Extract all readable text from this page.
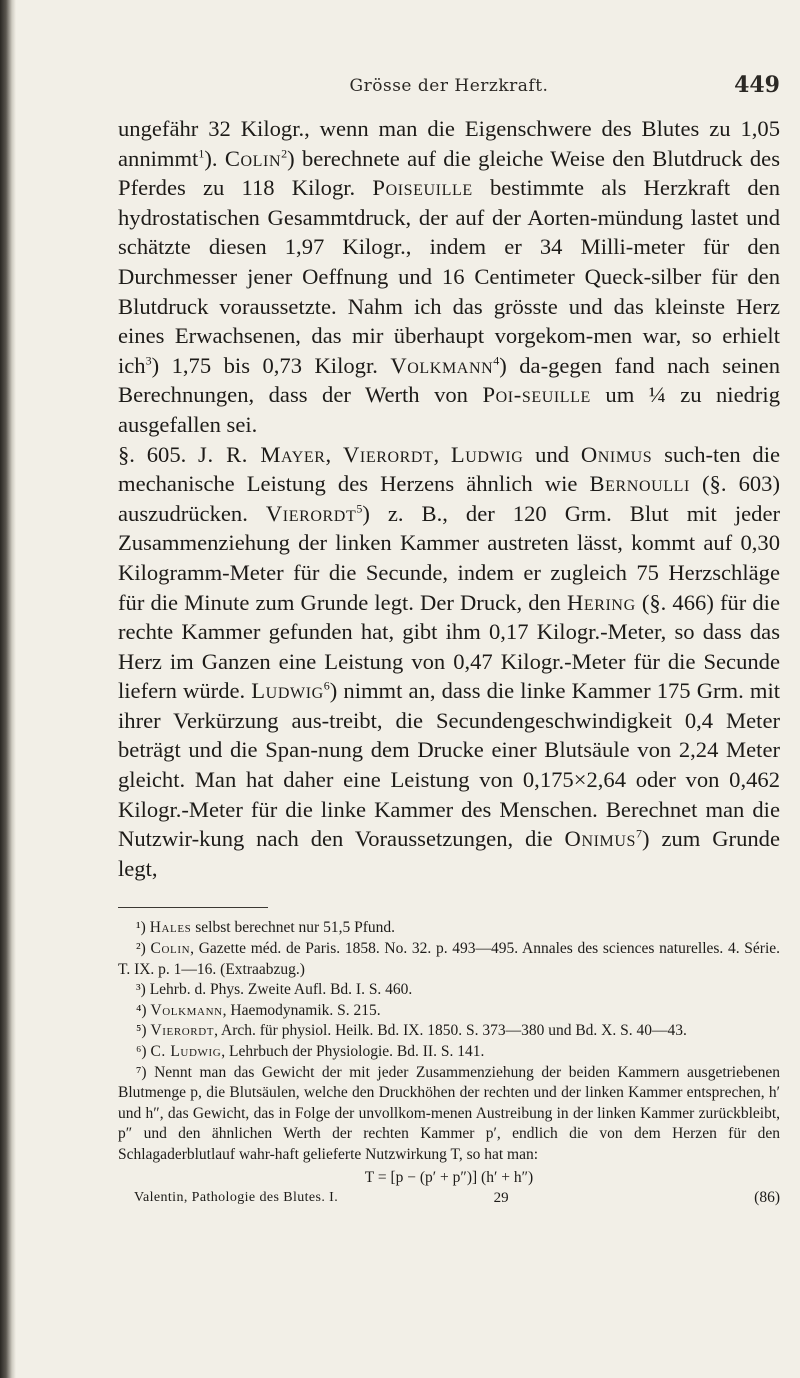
Grösse der Herzkraft.	449

ungefähr 32 Kilogr., wenn man die Eigenschwere des Blutes zu 1,05 annimmt$^1$). Colin$^2$) berechnete auf die gleiche Weise den Blutdruck des Pferdes zu 118 Kilogr. Poiseuille bestimmte als Herzkraft den hydrostatischen Gesammtdruck, der auf der Aorten-mündung lastet und schätzte diesen 1,97 Kilogr., indem er 34 Milli-meter für den Durchmesser jener Oeffnung und 16 Centimeter Queck-silber für den Blutdruck voraussetzte. Nahm ich das grösste und das kleinste Herz eines Erwachsenen, das mir überhaupt vorgekom-men war, so erhielt ich$^3$) 1,75 bis 0,73 Kilogr. Volkmann$^4$) da-gegen fand nach seinen Berechnungen, dass der Werth von Poi-seuille um ¼ zu niedrig ausgefallen sei.

§. 605. J. R. Mayer, Vierordt, Ludwig und Onimus such-ten die mechanische Leistung des Herzens ähnlich wie Bernoulli (§. 603) auszudrücken. Vierordt$^5$) z. B., der 120 Grm. Blut mit jeder Zusammenziehung der linken Kammer austreten lässt, kommt auf 0,30 Kilogramm-Meter für die Secunde, indem er zugleich 75 Herzschläge für die Minute zum Grunde legt. Der Druck, den Hering (§. 466) für die rechte Kammer gefunden hat, gibt ihm 0,17 Kilogr.-Meter, so dass das Herz im Ganzen eine Leistung von 0,47 Kilogr.-Meter für die Secunde liefern würde. Ludwig$^6$) nimmt an, dass die linke Kammer 175 Grm. mit ihrer Verkürzung aus-treibt, die Secundengeschwindigkeit 0,4 Meter beträgt und die Span-nung dem Drucke einer Blutsäule von 2,24 Meter gleicht. Man hat daher eine Leistung von 0,175×2,64 oder von 0,462 Kilogr.-Meter für die linke Kammer des Menschen. Berechnet man die Nutzwir-kung nach den Voraussetzungen, die Onimus$^7$) zum Grunde legt,

¹) Hales selbst berechnet nur 51,5 Pfund.

²) Colin, Gazette méd. de Paris. 1858. No. 32. p. 493—495. Annales des sciences naturelles. 4. Série. T. IX. p. 1—16. (Extraabzug.)

³) Lehrb. d. Phys. Zweite Aufl. Bd. I. S. 460.

⁴) Volkmann, Haemodynamik. S. 215.

⁵) Vierordt, Arch. für physiol. Heilk. Bd. IX. 1850. S. 373—380 und Bd. X. S. 40—43.

⁶) C. Ludwig, Lehrbuch der Physiologie. Bd. II. S. 141.

⁷) Nennt man das Gewicht der mit jeder Zusammenziehung der beiden Kammern ausgetriebenen Blutmenge p, die Blutsäulen, welche den Druckhöhen der rechten und der linken Kammer entsprechen, h′ und h″, das Gewicht, das in Folge der unvollkom-menen Austreibung in der linken Kammer zurückbleibt, p″ und den ähnlichen Werth der rechten Kammer p′, endlich die von dem Herzen für den Schlagaderblutlauf wahr-haft gelieferte Nutzwirkung T, so hat man:

T = [p − (p′ + p″)] (h′ + h″)
Valentin, Pathologie des Blutes. I.	29	(86)
